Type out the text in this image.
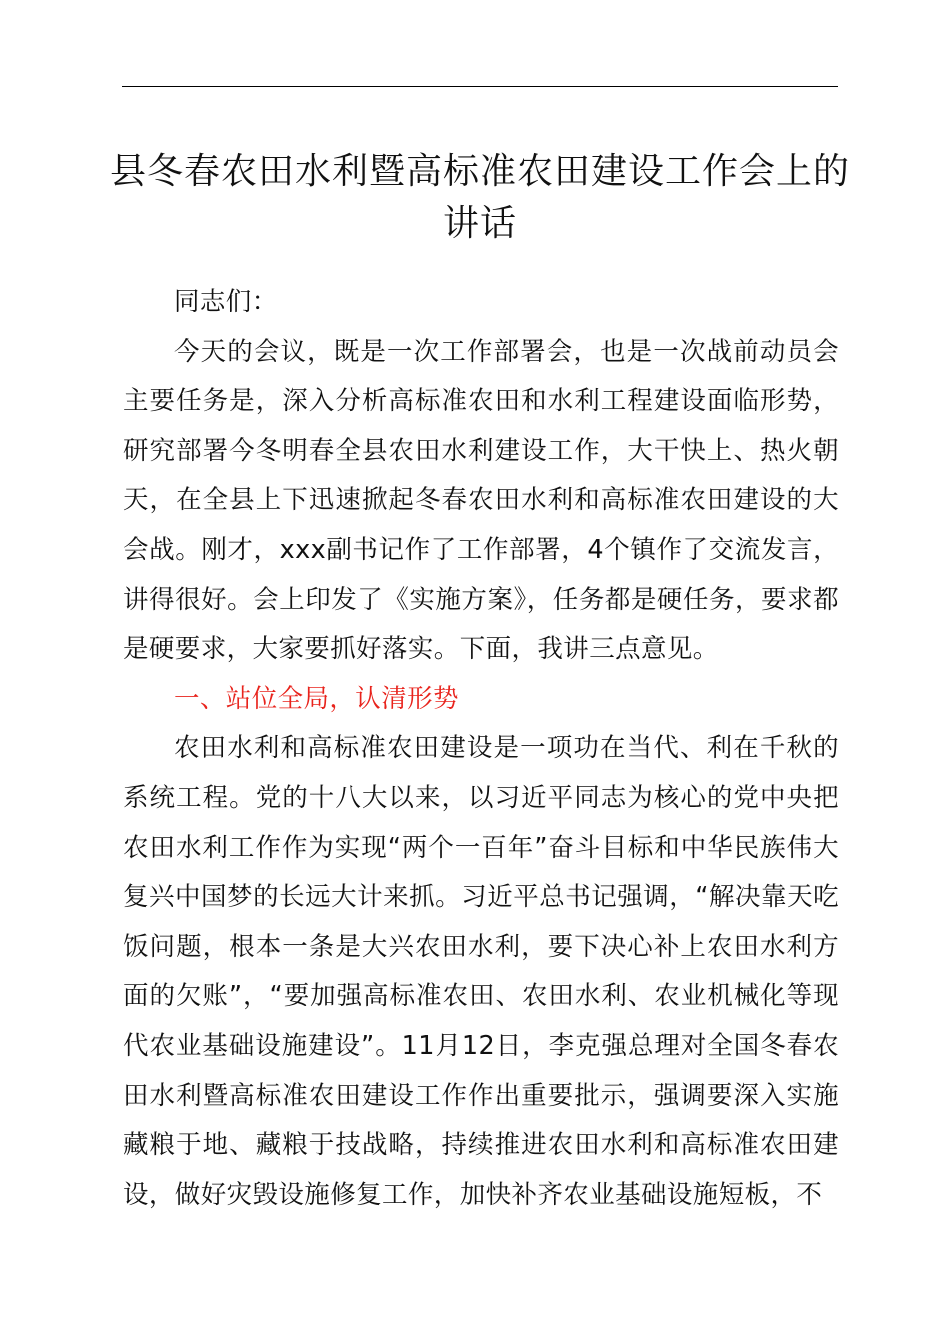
县冬春农田水利暨高标准农田建设工作会上的讲话

同志们：

今天的会议，既是一次工作部署会，也是一次战前动员会主要任务是，深入分析高标准农田和水利工程建设面临形势，研究部署今冬明春全县农田水利建设工作，大干快上、热火朝天，在全县上下迅速掀起冬春农田水利和高标准农田建设的大会战。刚才，xxx副书记作了工作部署，4个镇作了交流发言，讲得很好。会上印发了《实施方案》，任务都是硬任务，要求都是硬要求，大家要抓好落实。下面，我讲三点意见。

一、站位全局，认清形势

农田水利和高标准农田建设是一项功在当代、利在千秋的系统工程。党的十八大以来，以习近平同志为核心的党中央把农田水利工作作为实现“两个一百年”奋斗目标和中华民族伟大复兴中国梦的长远大计来抓。习近平总书记强调，“解决靠天吃饭问题，根本一条是大兴农田水利，要下决心补上农田水利方面的欠账”，“要加强高标准农田、农田水利、农业机械化等现代农业基础设施建设”。11月12日，李克强总理对全国冬春农田水利暨高标准农田建设工作作出重要批示，强调要深入实施藏粮于地、藏粮于技战略，持续推进农田水利和高标准农田建设，做好灾毁设施修复工作，加快补齐农业基础设施短板，不
